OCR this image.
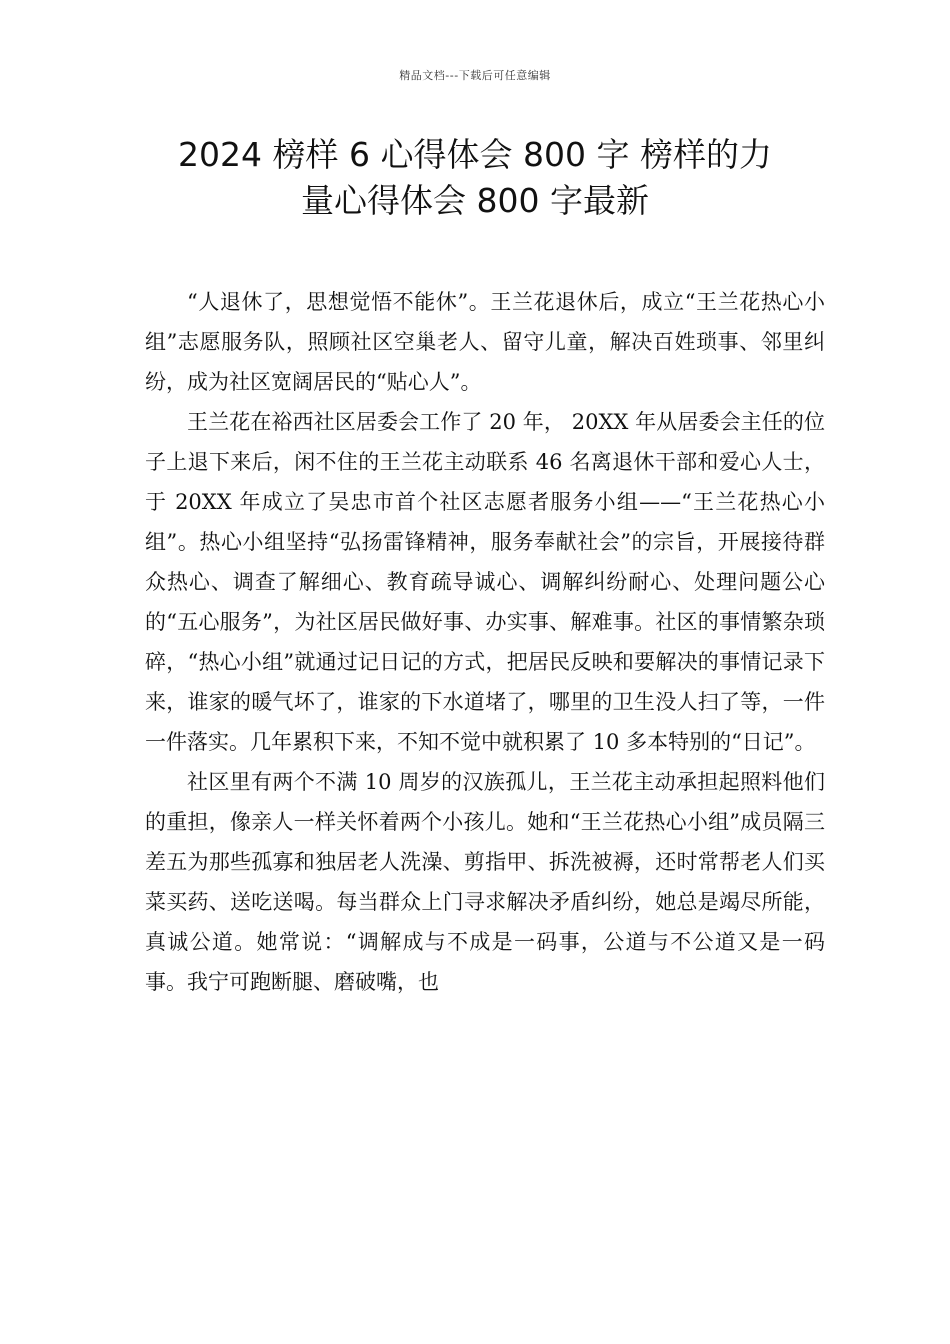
精品文档---下载后可任意编辑
2024 榜样 6 心得体会 800 字 榜样的力
量心得体会 800 字最新

“人退休了，思想觉悟不能休”。王兰花退休后，成立“王兰花热心小组”志愿服务队，照顾社区空巢老人、留守儿童，解决百姓琐事、邻里纠纷，成为社区宽阔居民的“贴心人”。

王兰花在裕西社区居委会工作了 20 年， 20XX 年从居委会主任的位子上退下来后，闲不住的王兰花主动联系 46 名离退休干部和爱心人士，于 20XX 年成立了吴忠市首个社区志愿者服务小组——“王兰花热心小组”。热心小组坚持“弘扬雷锋精神，服务奉献社会”的宗旨，开展接待群众热心、调查了解细心、教育疏导诚心、调解纠纷耐心、处理问题公心的“五心服务”，为社区居民做好事、办实事、解难事。社区的事情繁杂琐碎，“热心小组”就通过记日记的方式，把居民反映和要解决的事情记录下来，谁家的暖气坏了，谁家的下水道堵了，哪里的卫生没人扫了等，一件一件落实。几年累积下来，不知不觉中就积累了 10 多本特别的“日记”。

社区里有两个不满 10 周岁的汉族孤儿，王兰花主动承担起照料他们的重担，像亲人一样关怀着两个小孩儿。她和“王兰花热心小组”成员隔三差五为那些孤寡和独居老人洗澡、剪指甲、拆洗被褥，还时常帮老人们买菜买药、送吃送喝。每当群众上门寻求解决矛盾纠纷，她总是竭尽所能，真诚公道。她常说：“调解成与不成是一码事，公道与不公道又是一码事。我宁可跑断腿、磨破嘴，也
